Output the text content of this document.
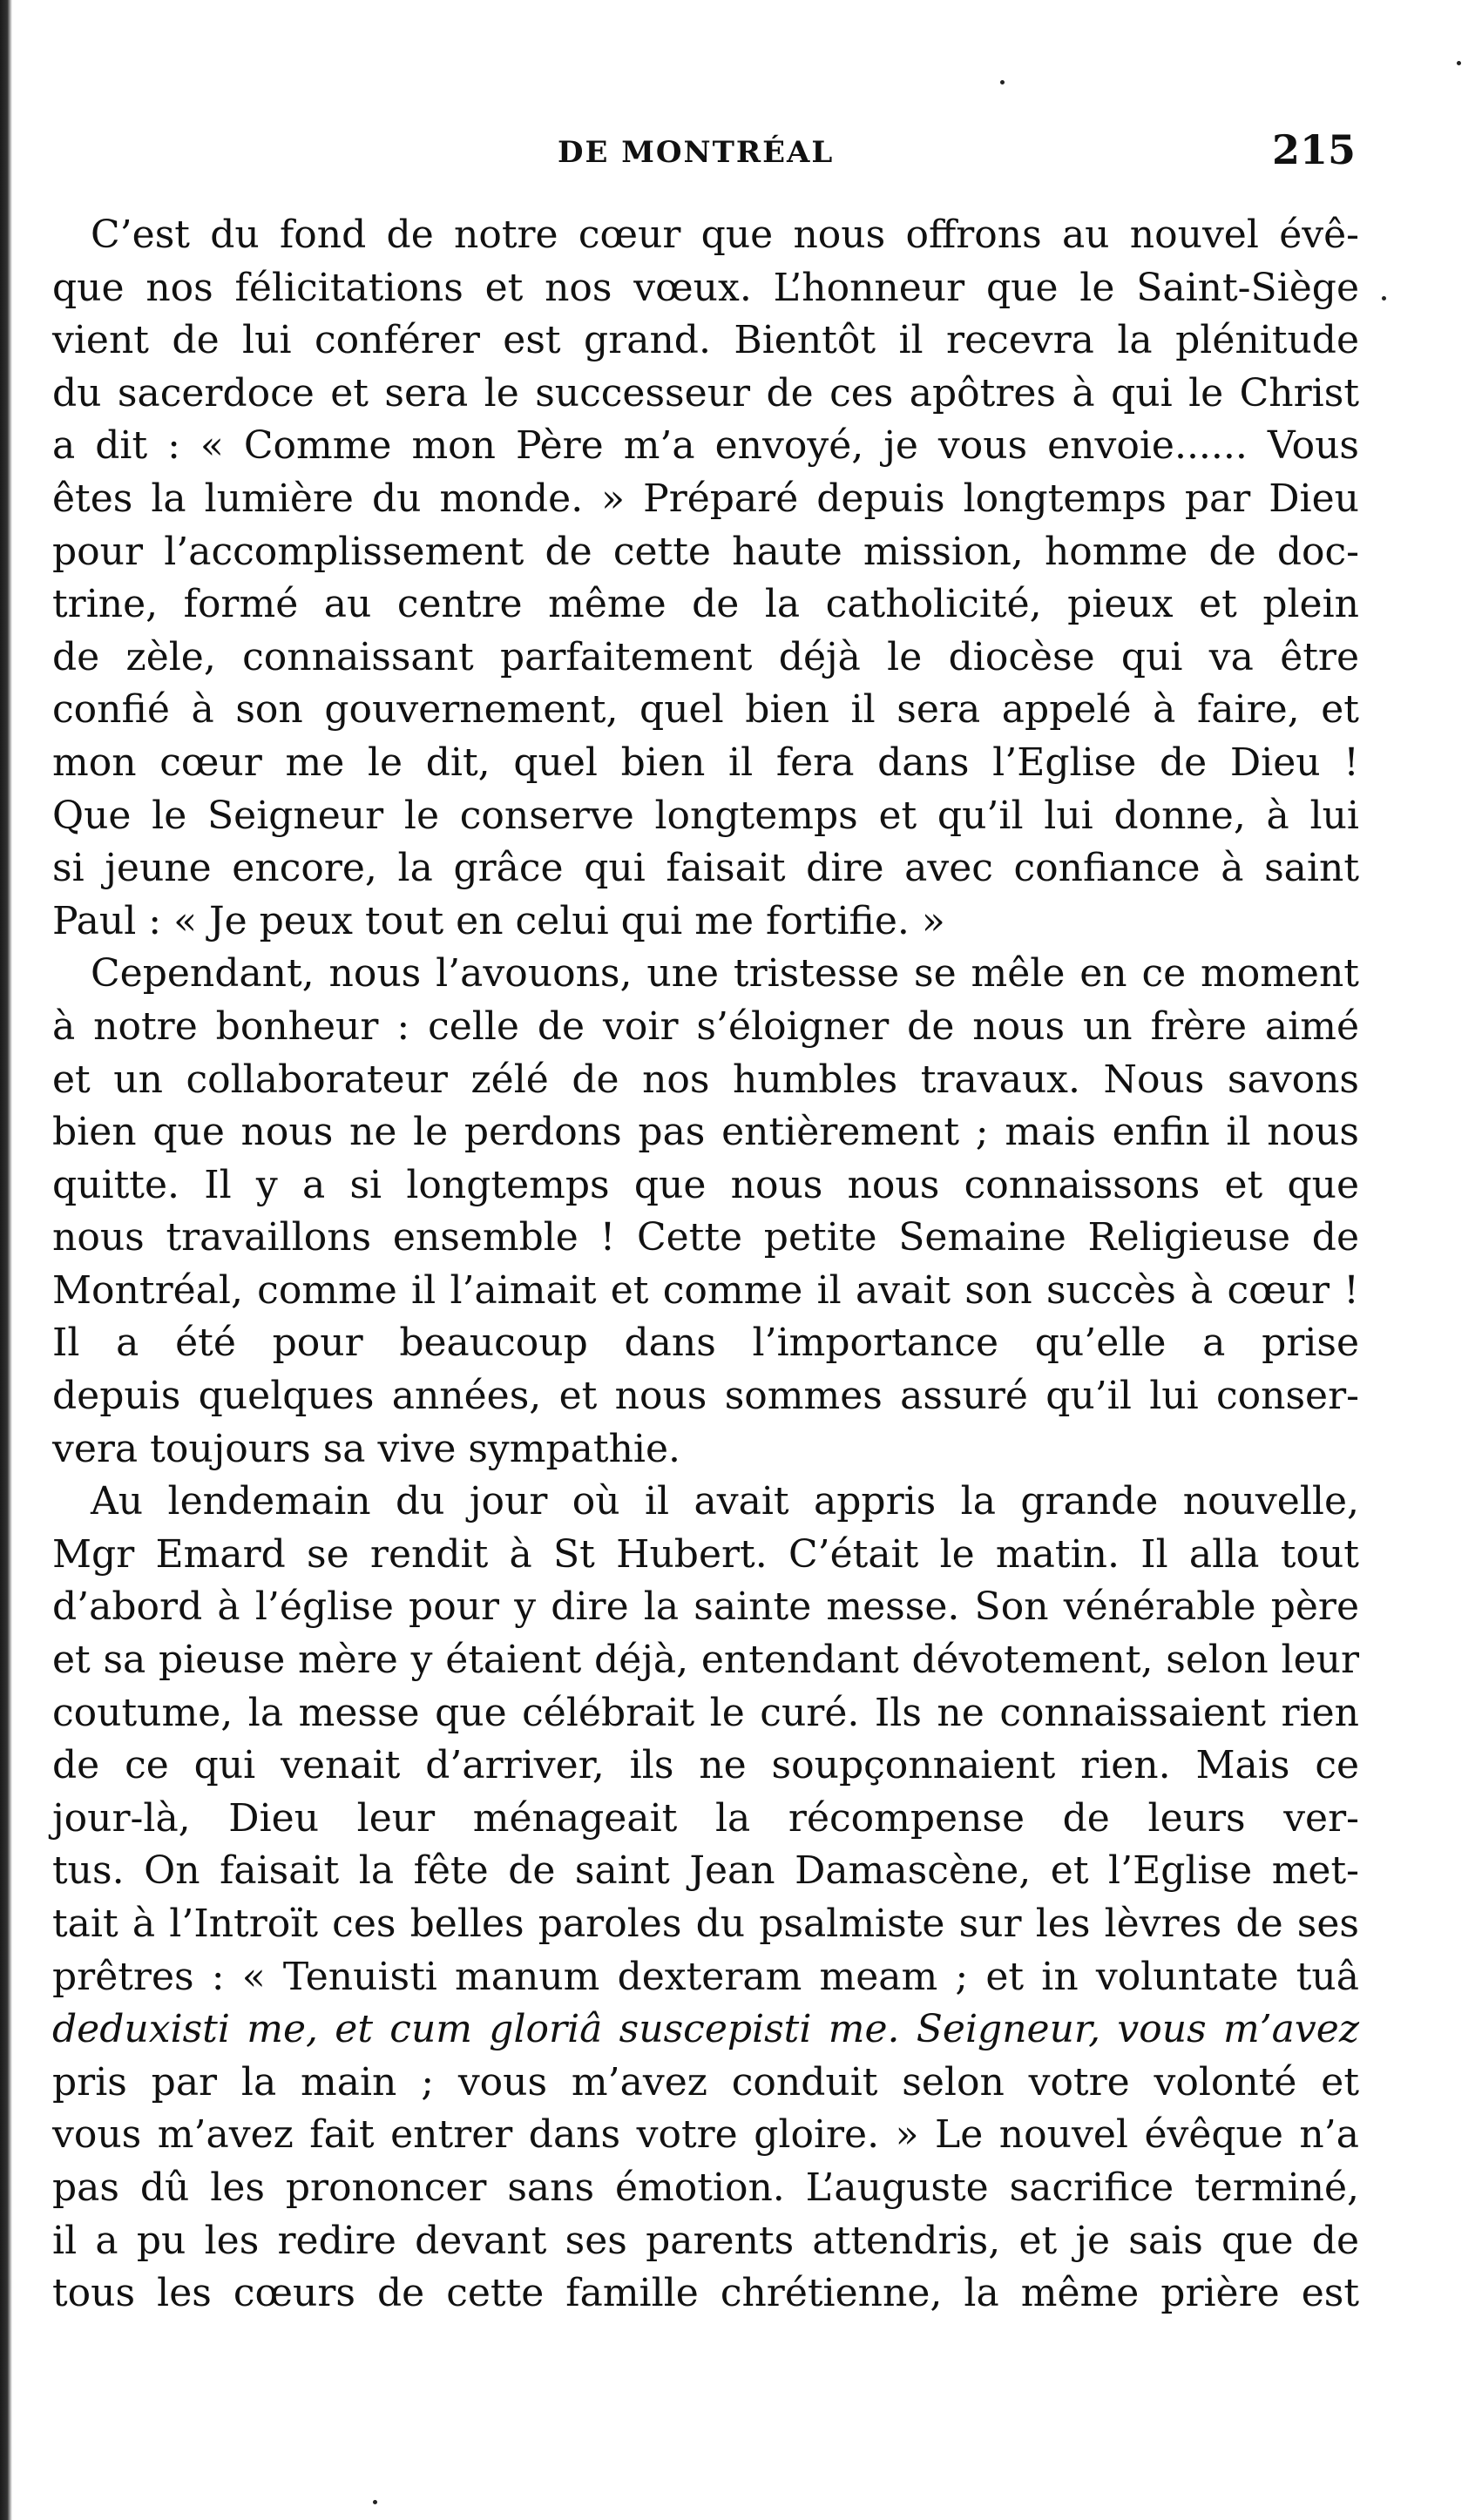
DE MONTRÉAL	215
C’est du fond de notre cœur que nous offrons au nouvel évê-
que nos félicitations et nos vœux. L’honneur que le Saint-Siège
vient de lui conférer est grand. Bientôt il recevra la plénitude
du sacerdoce et sera le successeur de ces apôtres à qui le Christ
a dit : « Comme mon Père m’a envoyé, je vous envoie...... Vous
êtes la lumière du monde. » Préparé depuis longtemps par Dieu
pour l’accomplissement de cette haute mission, homme de doc-
trine, formé au centre même de la catholicité, pieux et plein
de zèle, connaissant parfaitement déjà le diocèse qui va être
confié à son gouvernement, quel bien il sera appelé à faire, et
mon cœur me le dit, quel bien il fera dans l’Eglise de Dieu !
Que le Seigneur le conserve longtemps et qu’il lui donne, à lui
si jeune encore, la grâce qui faisait dire avec confiance à saint
Paul : « Je peux tout en celui qui me fortifie. »
Cependant, nous l’avouons, une tristesse se mêle en ce moment
à notre bonheur : celle de voir s’éloigner de nous un frère aimé
et un collaborateur zélé de nos humbles travaux. Nous savons
bien que nous ne le perdons pas entièrement ; mais enfin il nous
quitte. Il y a si longtemps que nous nous connaissons et que
nous travaillons ensemble ! Cette petite Semaine Religieuse de
Montréal, comme il l’aimait et comme il avait son succès à cœur !
Il a été pour beaucoup dans l’importance qu’elle a prise
depuis quelques années, et nous sommes assuré qu’il lui conser-
vera toujours sa vive sympathie.
Au lendemain du jour où il avait appris la grande nouvelle,
Mgr Emard se rendit à St Hubert. C’était le matin. Il alla tout
d’abord à l’église pour y dire la sainte messe. Son vénérable père
et sa pieuse mère y étaient déjà, entendant dévotement, selon leur
coutume, la messe que célébrait le curé. Ils ne connaissaient rien
de ce qui venait d’arriver, ils ne soupçonnaient rien. Mais ce
jour-là, Dieu leur ménageait la récompense de leurs ver-
tus. On faisait la fête de saint Jean Damascène, et l’Eglise met-
tait à l’Introït ces belles paroles du psalmiste sur les lèvres de ses
prêtres : « Tenuisti manum dexteram meam ; et in voluntate tuâ
deduxisti me, et cum gloriâ suscepisti me. Seigneur, vous m’avez
pris par la main ; vous m’avez conduit selon votre volonté et
vous m’avez fait entrer dans votre gloire. » Le nouvel évêque n’a
pas dû les prononcer sans émotion. L’auguste sacrifice terminé,
il a pu les redire devant ses parents attendris, et je sais que de
tous les cœurs de cette famille chrétienne, la même prière est
